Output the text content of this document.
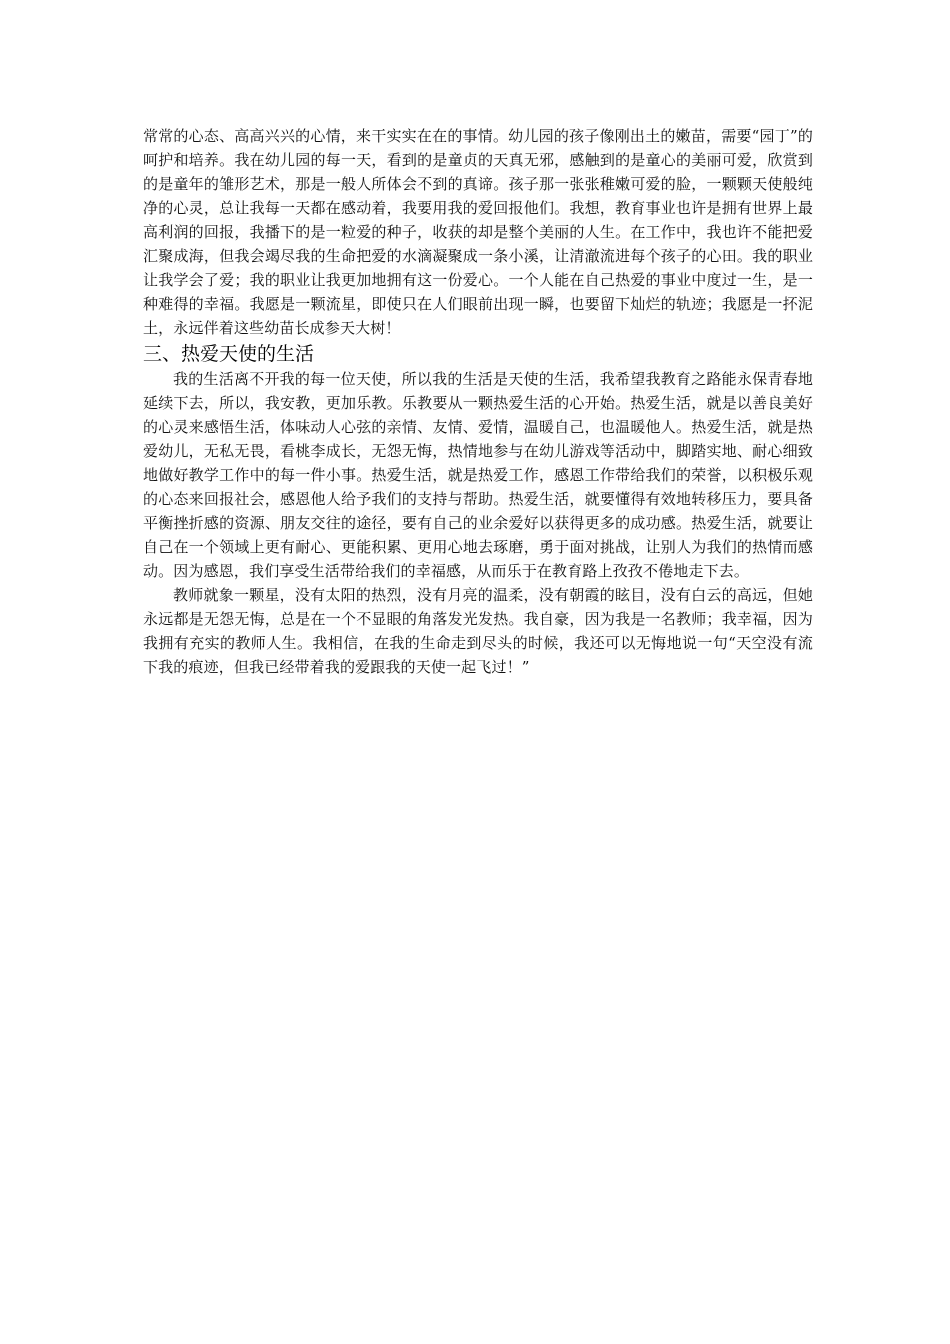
常常的心态、高高兴兴的心情，来干实实在在的事情。幼儿园的孩子像刚出土的嫩苗，需要“园丁”的呵护和培养。我在幼儿园的每一天，看到的是童贞的天真无邪，感触到的是童心的美丽可爱，欣赏到的是童年的雏形艺术，那是一般人所体会不到的真谛。孩子那一张张稚嫩可爱的脸，一颗颗天使般纯净的心灵，总让我每一天都在感动着，我要用我的爱回报他们。我想，教育事业也许是拥有世界上最高利润的回报，我播下的是一粒爱的种子，收获的却是整个美丽的人生。在工作中，我也许不能把爱汇聚成海，但我会竭尽我的生命把爱的水滴凝聚成一条小溪，让清澈流进每个孩子的心田。我的职业让我学会了爱；我的职业让我更加地拥有这一份爱心。一个人能在自己热爱的事业中度过一生，是一种难得的幸福。我愿是一颗流星，即使只在人们眼前出现一瞬，也要留下灿烂的轨迹；我愿是一抔泥土，永远伴着这些幼苗长成参天大树！

三、热爱天使的生活

我的生活离不开我的每一位天使，所以我的生活是天使的生活，我希望我教育之路能永保青春地延续下去，所以，我安教，更加乐教。乐教要从一颗热爱生活的心开始。热爱生活，就是以善良美好的心灵来感悟生活，体味动人心弦的亲情、友情、爱情，温暖自己，也温暖他人。热爱生活，就是热爱幼儿，无私无畏，看桃李成长，无怨无悔，热情地参与在幼儿游戏等活动中，脚踏实地、耐心细致地做好教学工作中的每一件小事。热爱生活，就是热爱工作，感恩工作带给我们的荣誉，以积极乐观的心态来回报社会，感恩他人给予我们的支持与帮助。热爱生活，就要懂得有效地转移压力，要具备平衡挫折感的资源、朋友交往的途径，要有自己的业余爱好以获得更多的成功感。热爱生活，就要让自己在一个领域上更有耐心、更能积累、更用心地去琢磨，勇于面对挑战，让别人为我们的热情而感动。因为感恩，我们享受生活带给我们的幸福感，从而乐于在教育路上孜孜不倦地走下去。

教师就象一颗星，没有太阳的热烈，没有月亮的温柔，没有朝霞的眩目，没有白云的高远，但她永远都是无怨无悔，总是在一个不显眼的角落发光发热。我自豪，因为我是一名教师；我幸福，因为我拥有充实的教师人生。我相信，在我的生命走到尽头的时候，我还可以无悔地说一句“天空没有流下我的痕迹，但我已经带着我的爱跟我的天使一起飞过！”
